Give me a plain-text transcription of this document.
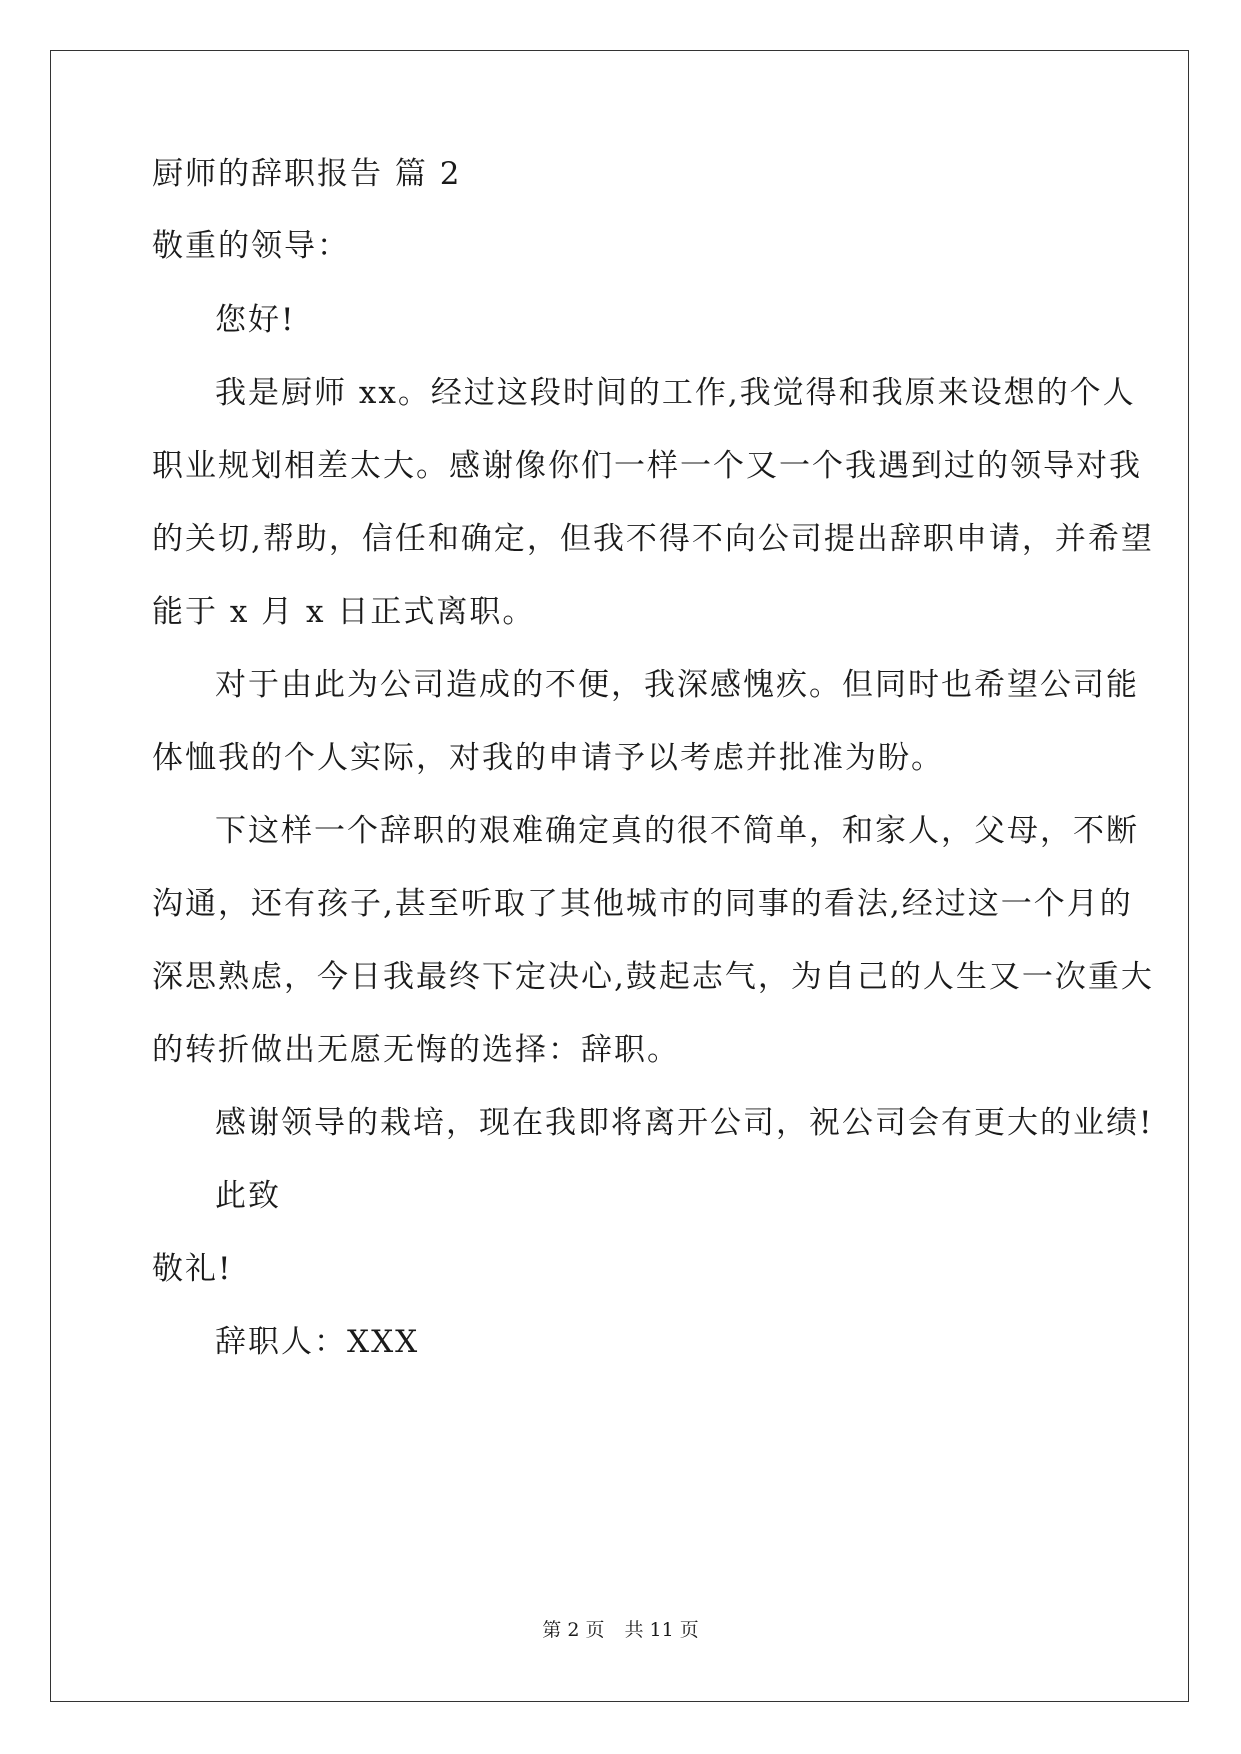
厨师的辞职报告 篇 2
敬重的领导：
您好!
我是厨师 xx。经过这段时间的工作,我觉得和我原来设想的个人
职业规划相差太大。感谢像你们一样一个又一个我遇到过的领导对我
的关切,帮助，信任和确定，但我不得不向公司提出辞职申请，并希望
能于 x 月 x 日正式离职。
对于由此为公司造成的不便，我深感愧疚。但同时也希望公司能
体恤我的个人实际，对我的申请予以考虑并批准为盼。
下这样一个辞职的艰难确定真的很不简单，和家人，父母，不断
沟通，还有孩子,甚至听取了其他城市的同事的看法,经过这一个月的
深思熟虑，今日我最终下定决心,鼓起志气，为自己的人生又一次重大
的转折做出无愿无悔的选择：辞职。
感谢领导的栽培，现在我即将离开公司，祝公司会有更大的业绩!
此致
敬礼!
辞职人：XXX
第 2 页 共 11 页
